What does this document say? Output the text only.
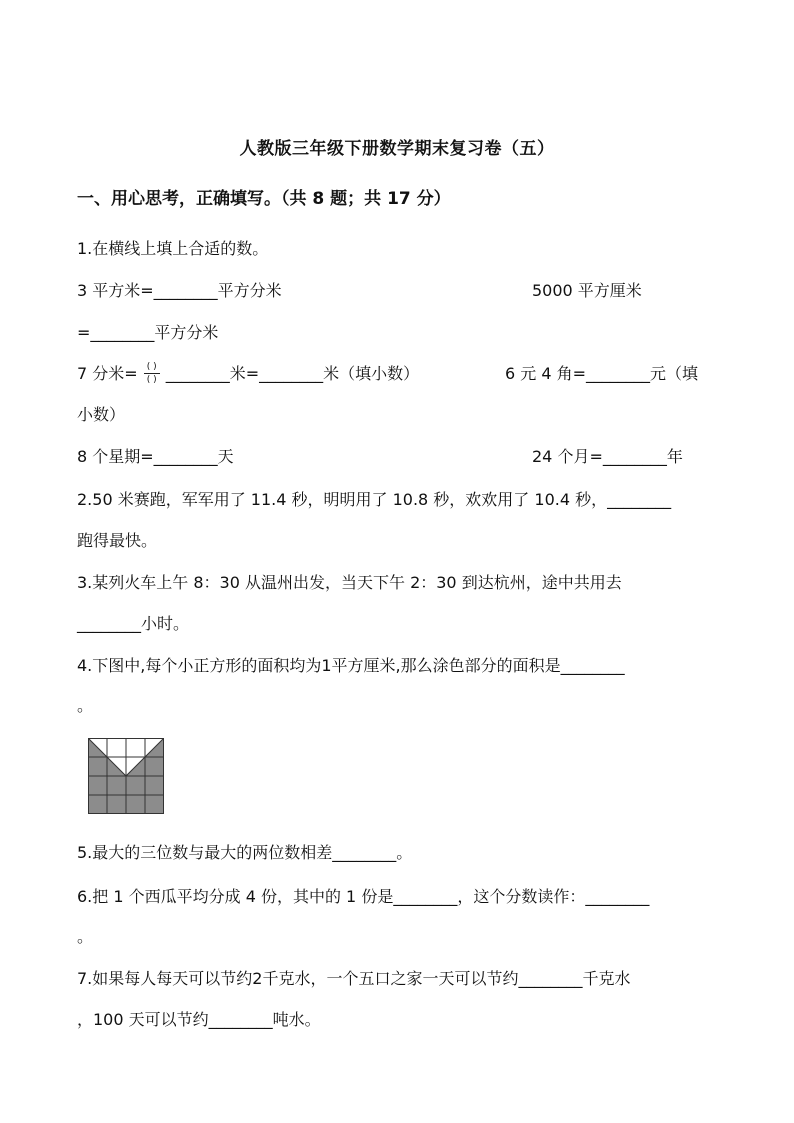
人教版三年级下册数学期末复习卷（五）
一、用心思考，正确填写。（共 8 题；共 17 分）
1.在横线上填上合适的数。
3 平方米=________平方分米	5000 平方厘米
=________平方分米
7 分米= $\frac{( )}{( )}$ ________米=________米（填小数）	6 元 4 角=________元（填
小数）
8 个星期=________天	24 个月=________年
2.50 米赛跑，军军用了 11.4 秒，明明用了 10.8 秒，欢欢用了 10.4 秒，________
跑得最快。
3.某列火车上午 8：30 从温州出发，当天下午 2：30 到达杭州，途中共用去
________小时。
4.下图中,每个小正方形的面积均为1平方厘米,那么涂色部分的面积是________
。
5.最大的三位数与最大的两位数相差________。
6.把 1 个西瓜平均分成 4 份，其中的 1 份是________，这个分数读作：________
。
7.如果每人每天可以节约2千克水，一个五口之家一天可以节约________千克水
，100 天可以节约________吨水。
